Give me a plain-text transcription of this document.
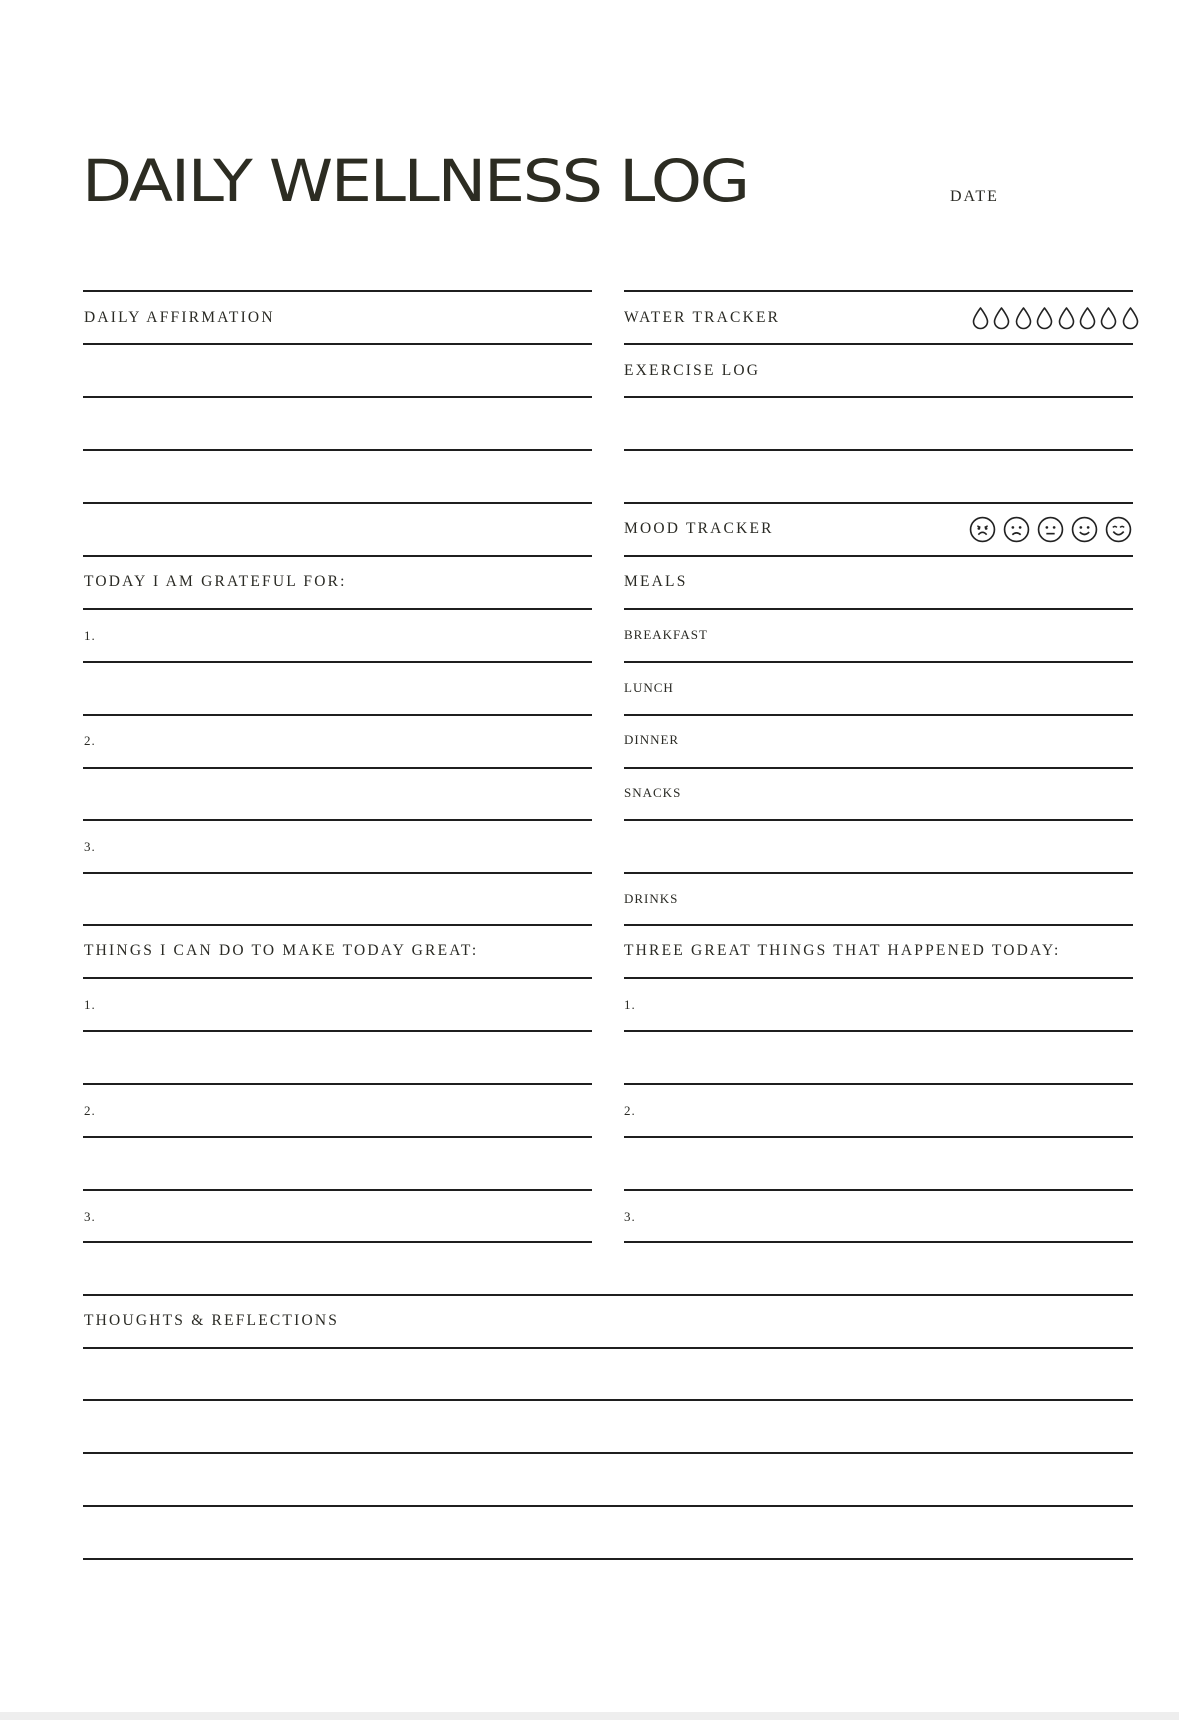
DAILY WELLNESS LOG	DATE
DAILY AFFIRMATION
TODAY I AM GRATEFUL FOR:
1.
2.
3.
THINGS I CAN DO TO MAKE TODAY GREAT:
1.
2.
3.
WATER TRACKER
EXERCISE LOG
MOOD TRACKER
MEALS
BREAKFAST
LUNCH
DINNER
SNACKS
DRINKS
THREE GREAT THINGS THAT HAPPENED TODAY:
1.
2.
3.
THOUGHTS & REFLECTIONS
